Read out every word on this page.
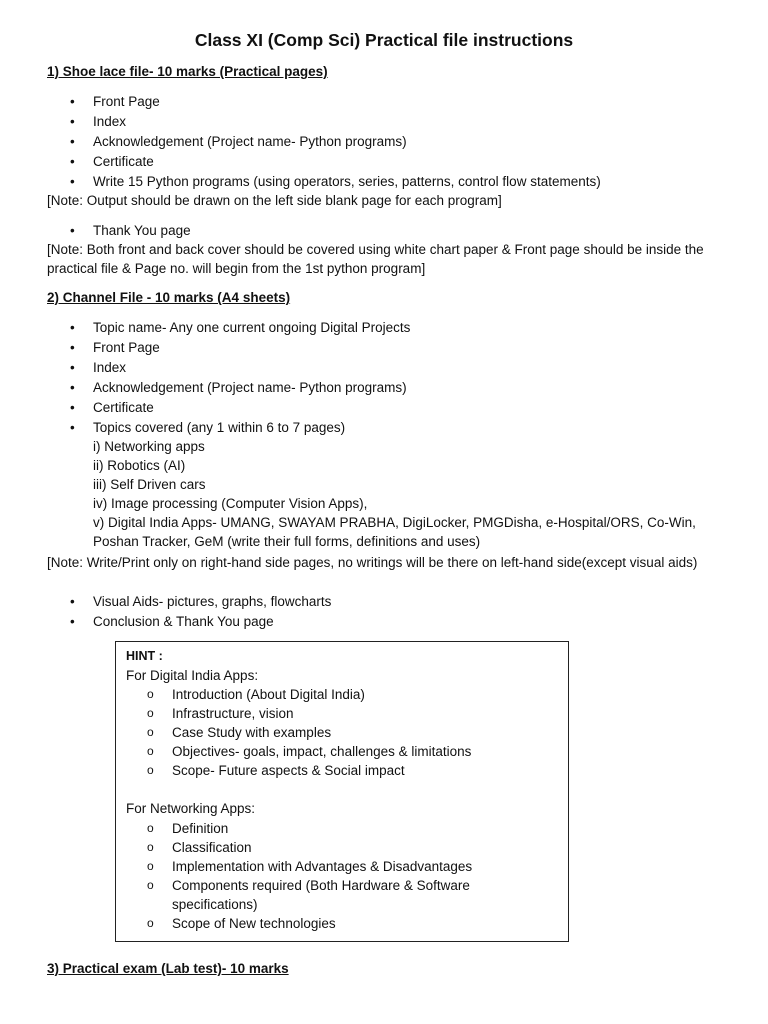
Class XI (Comp Sci) Practical file instructions
1) Shoe lace file- 10 marks (Practical pages)
• Front Page
• Index
• Acknowledgement (Project name- Python programs)
• Certificate
• Write 15 Python programs (using operators, series, patterns, control flow statements)
[Note: Output should be drawn on the left side blank page for each program]
• Thank You page
[Note: Both front and back cover should be covered using white chart paper & Front page should be inside the practical file & Page no. will begin from the 1st python program]
2) Channel File - 10 marks (A4 sheets)
• Topic name- Any one current ongoing Digital Projects
• Front Page
• Index
• Acknowledgement (Project name- Python programs)
• Certificate
• Topics covered (any 1 within 6 to 7 pages)
i) Networking apps
ii) Robotics (AI)
iii) Self Driven cars
iv) Image processing (Computer Vision Apps),
v) Digital India Apps- UMANG, SWAYAM PRABHA, DigiLocker, PMGDisha, e-Hospital/ORS, Co-Win,
Poshan Tracker, GeM (write their full forms, definitions and uses)
[Note: Write/Print only on right-hand side pages, no writings will be there on left-hand side(except visual aids)
• Visual Aids- pictures, graphs, flowcharts
• Conclusion & Thank You page
HINT :
For Digital India Apps:
o Introduction (About Digital India)
o Infrastructure, vision
o Case Study with examples
o Objectives- goals, impact, challenges & limitations
o Scope- Future aspects & Social impact
For Networking Apps:
o Definition
o Classification
o Implementation with Advantages & Disadvantages
o Components required (Both Hardware & Software specifications)
o Scope of New technologies
3) Practical exam (Lab test)- 10 marks
